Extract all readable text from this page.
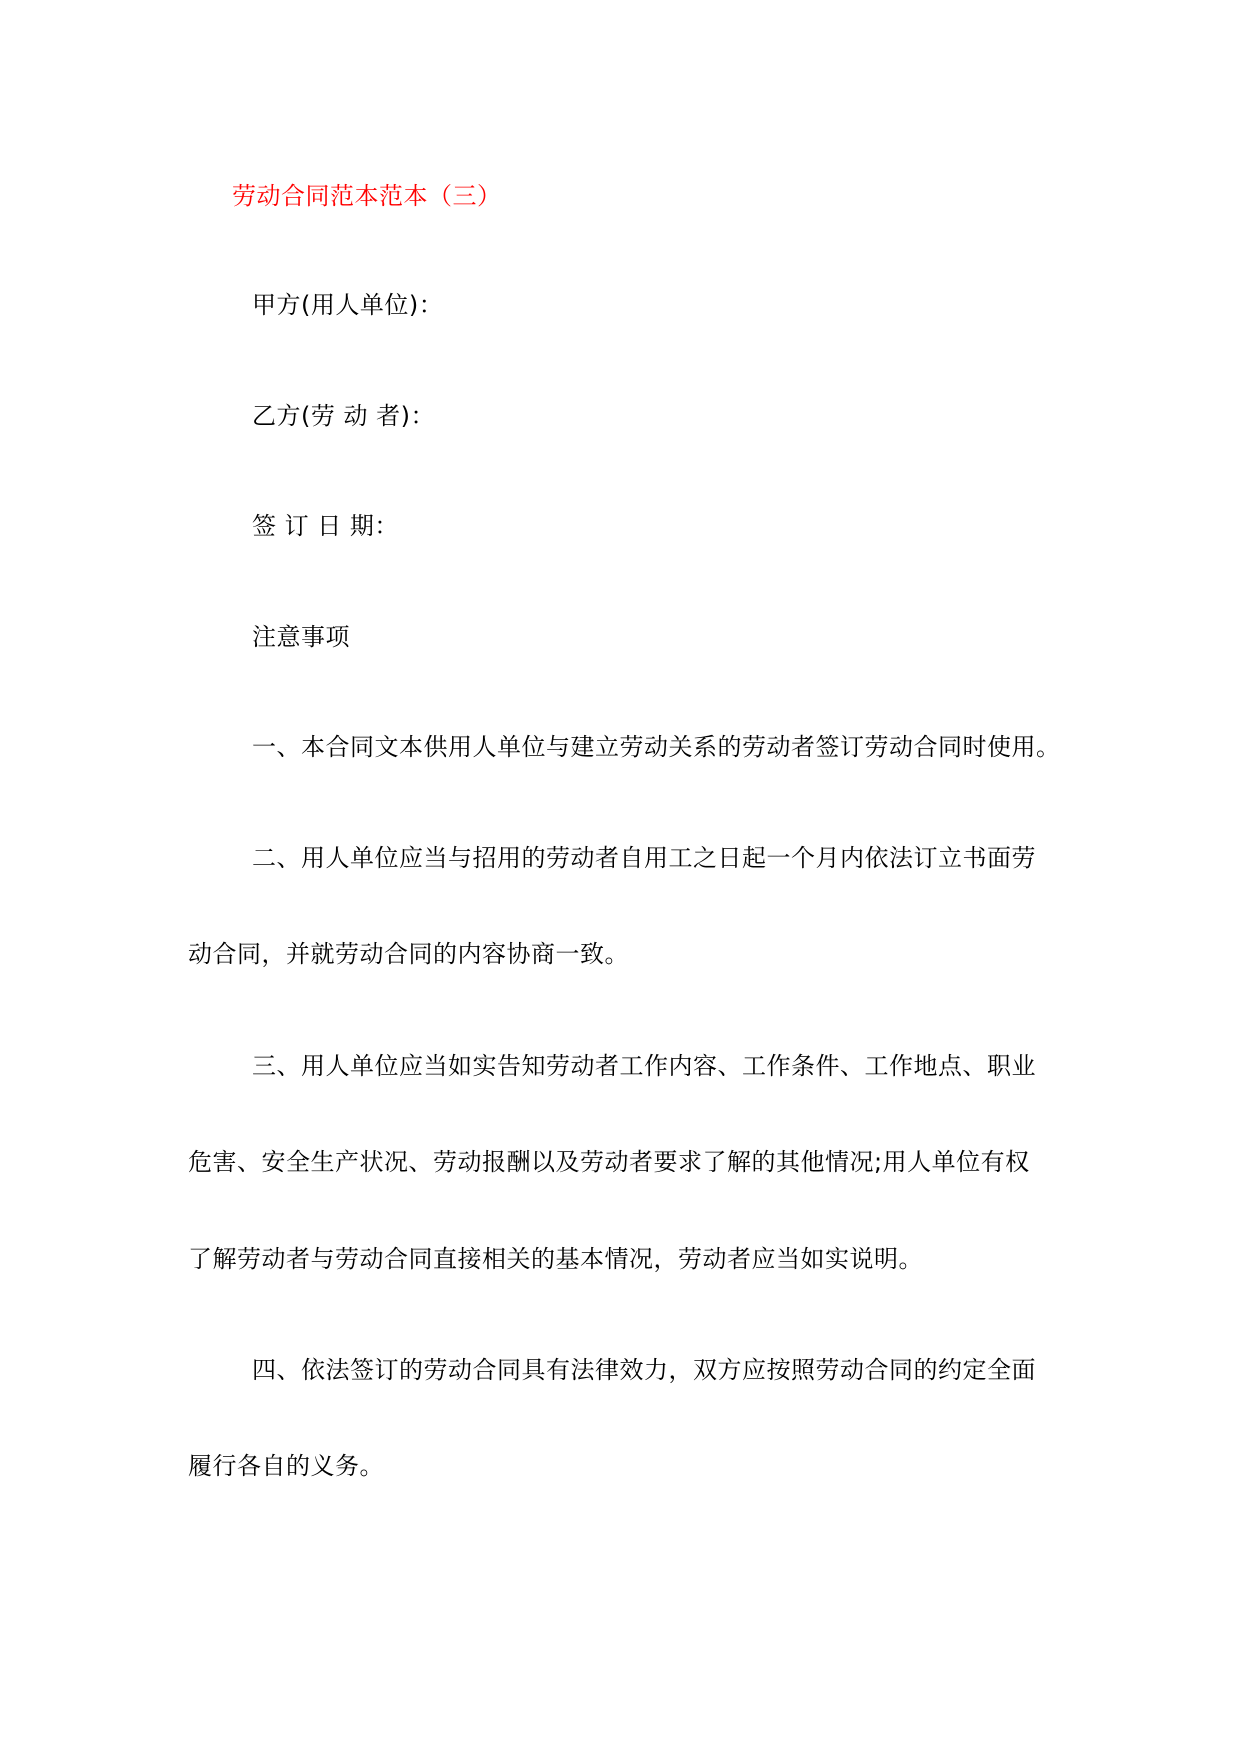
劳动合同范本范本（三）
甲方(用人单位)：
乙方(劳 动 者)：
签 订 日 期：
注意事项
一、本合同文本供用人单位与建立劳动关系的劳动者签订劳动合同时使用。
二、用人单位应当与招用的劳动者自用工之日起一个月内依法订立书面劳
动合同，并就劳动合同的内容协商一致。
三、用人单位应当如实告知劳动者工作内容、工作条件、工作地点、职业
危害、安全生产状况、劳动报酬以及劳动者要求了解的其他情况;用人单位有权
了解劳动者与劳动合同直接相关的基本情况，劳动者应当如实说明。
四、依法签订的劳动合同具有法律效力，双方应按照劳动合同的约定全面
履行各自的义务。
